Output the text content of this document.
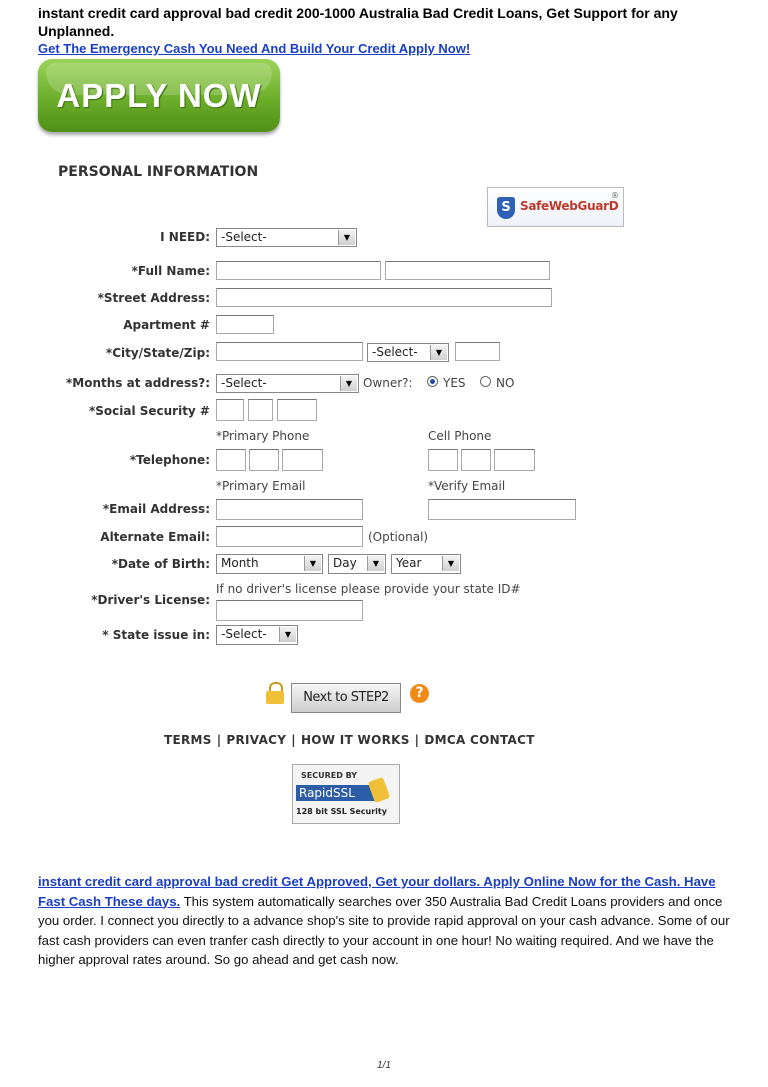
instant credit card approval bad credit 200-1000 Australia Bad Credit Loans, Get Support for any Unplanned.
Get The Emergency Cash You Need And Build Your Credit Apply Now!
APPLY NOW
PERSONAL INFORMATION
S SafeWebGuarD
®
I NEED: -Select-	▼
*Full Name:
*Street Address:
Apartment #
*City/State/Zip:	-Select-	▼
*Months at address?: -Select-	▼ Owner?:	YES	NO
*Social Security #
*Primary Phone	Cell Phone
*Telephone:
*Primary Email	*Verify Email
*Email Address:
Alternate Email:	(Optional)
*Date of Birth: Month	▼	Day	▼	Year	▼
If no driver's license please provide your state ID#
*Driver's License:
* State issue in: -Select-	▼
Next to STEP2	?
TERMS | PRIVACY | HOW IT WORKS | DMCA CONTACT
SECURED BY
RapidSSL
128 bit SSL Security
instant credit card approval bad credit Get Approved, Get your dollars. Apply Online Now for the Cash. Have Fast Cash These days. This system automatically searches over 350 Australia Bad Credit Loans providers and once you order. I connect you directly to a advance shop's site to provide rapid approval on your cash advance. Some of our fast cash providers can even tranfer cash directly to your account in one hour! No waiting required. And we have the higher approval rates around. So go ahead and get cash now.
1/1
